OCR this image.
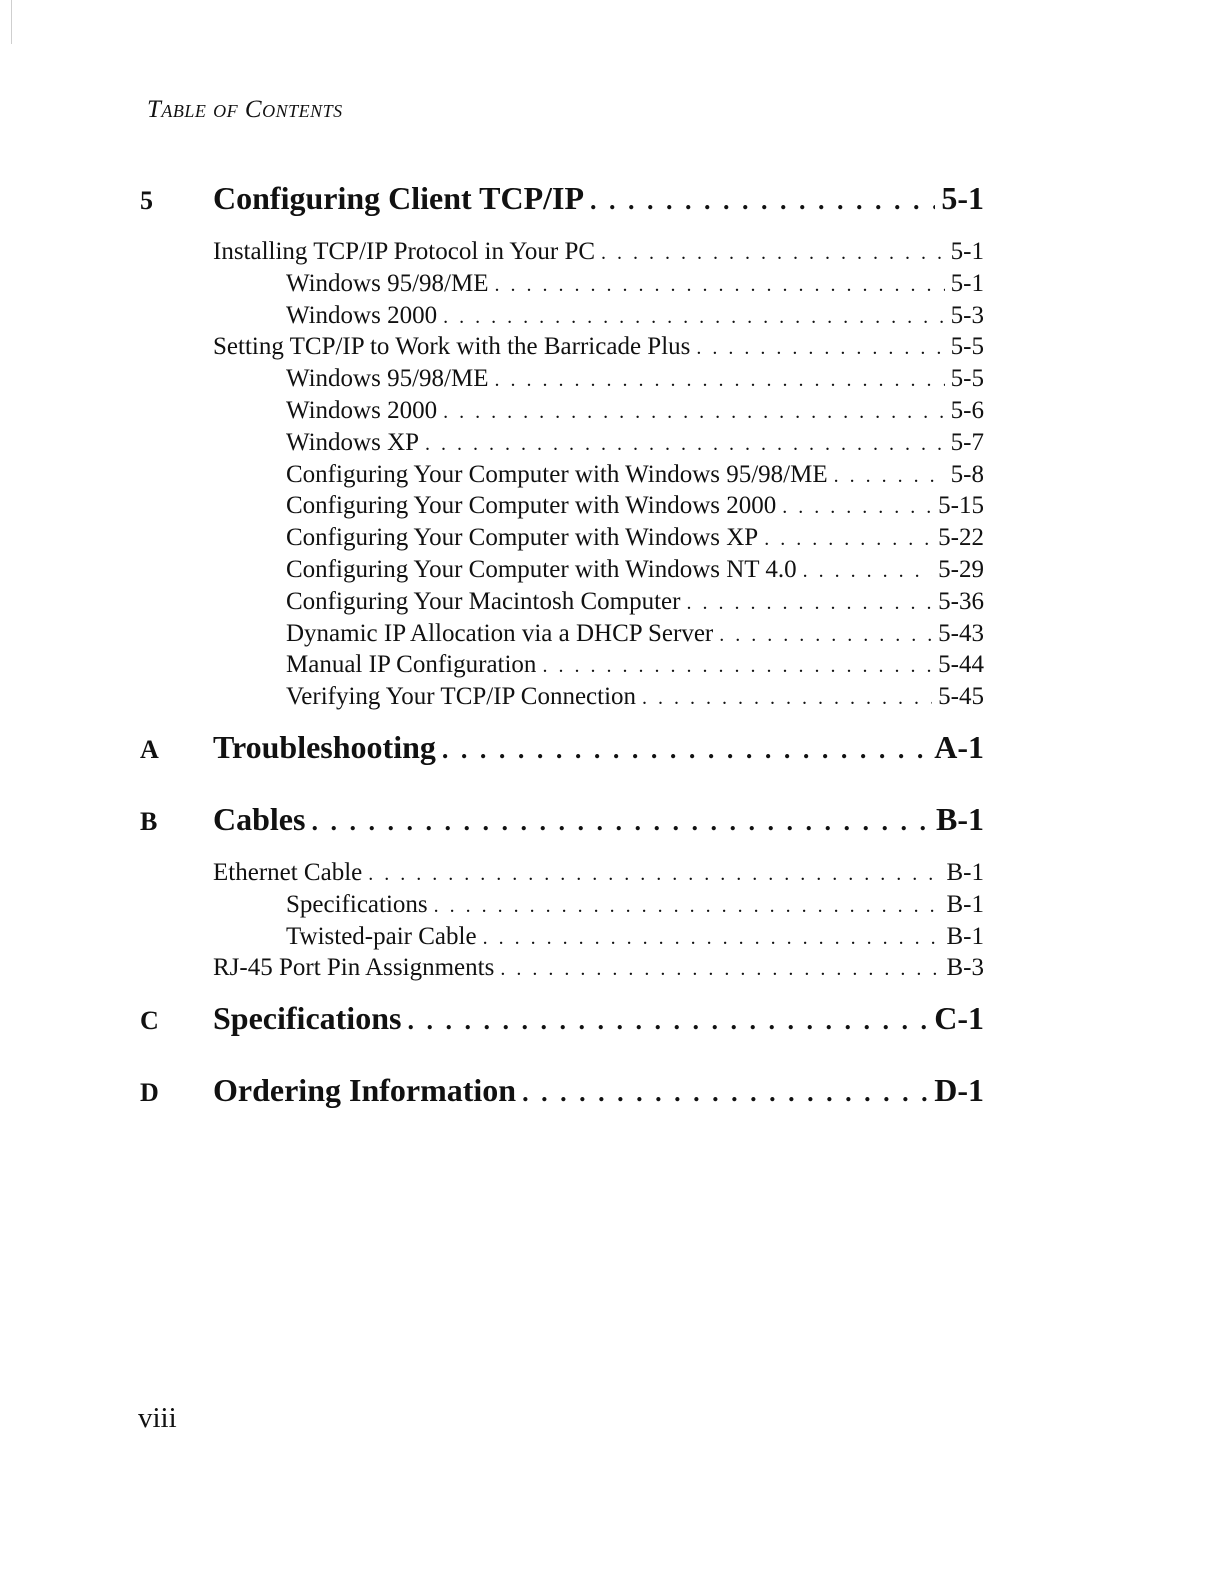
Table of Contents
5	Configuring Client TCP/IP . . .	5-1
Installing TCP/IP Protocol in Your PC . . .	5-1
Windows 95/98/ME . . .	5-1
Windows 2000 . . .	5-3
Setting TCP/IP to Work with the Barricade Plus . . .	5-5
Windows 95/98/ME . . .	5-5
Windows 2000 . . .	5-6
Windows XP . . .	5-7
Configuring Your Computer with Windows 95/98/ME . . .	5-8
Configuring Your Computer with Windows 2000 . . .	5-15
Configuring Your Computer with Windows XP . . .	5-22
Configuring Your Computer with Windows NT 4.0 . . .	5-29
Configuring Your Macintosh Computer . . .	5-36
Dynamic IP Allocation via a DHCP Server . . .	5-43
Manual IP Configuration . . .	5-44
Verifying Your TCP/IP Connection . . .	5-45
A	Troubleshooting . . .	A-1
B	Cables . . .	B-1
Ethernet Cable . . .	B-1
Specifications . . .	B-1
Twisted-pair Cable . . .	B-1
RJ-45 Port Pin Assignments . . .	B-3
C	Specifications . . .	C-1
D	Ordering Information . . .	D-1
viii
